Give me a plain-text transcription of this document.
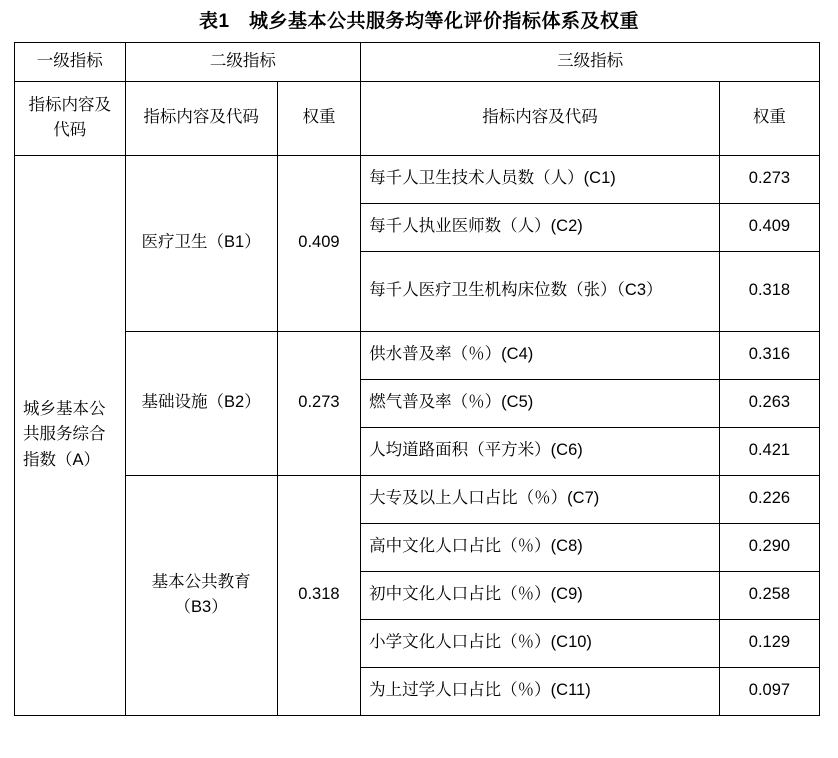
表1　城乡基本公共服务均等化评价指标体系及权重
一级指标	二级指标		三级指标	
指标内容及代码	指标内容及代码	权重	指标内容及代码	权重
城乡基本公共服务综合指数（A）	医疗卫生（B1）	0.409	每千人卫生技术人员数（人）(C1)	0.273
			每千人执业医师数（人）(C2)	0.409
			每千人医疗卫生机构床位数（张）（C3）	0.318
	基础设施（B2）	0.273	供水普及率（％）(C4)	0.316
			燃气普及率（％）(C5)	0.263
			人均道路面积（平方米）(C6)	0.421
	基本公共教育（B3）	0.318	大专及以上人口占比（％）(C7)	0.226
			高中文化人口占比（％）(C8)	0.290
			初中文化人口占比（％）(C9)	0.258
			小学文化人口占比（％）(C10)	0.129
			为上过学人口占比（％）(C11)	0.097
